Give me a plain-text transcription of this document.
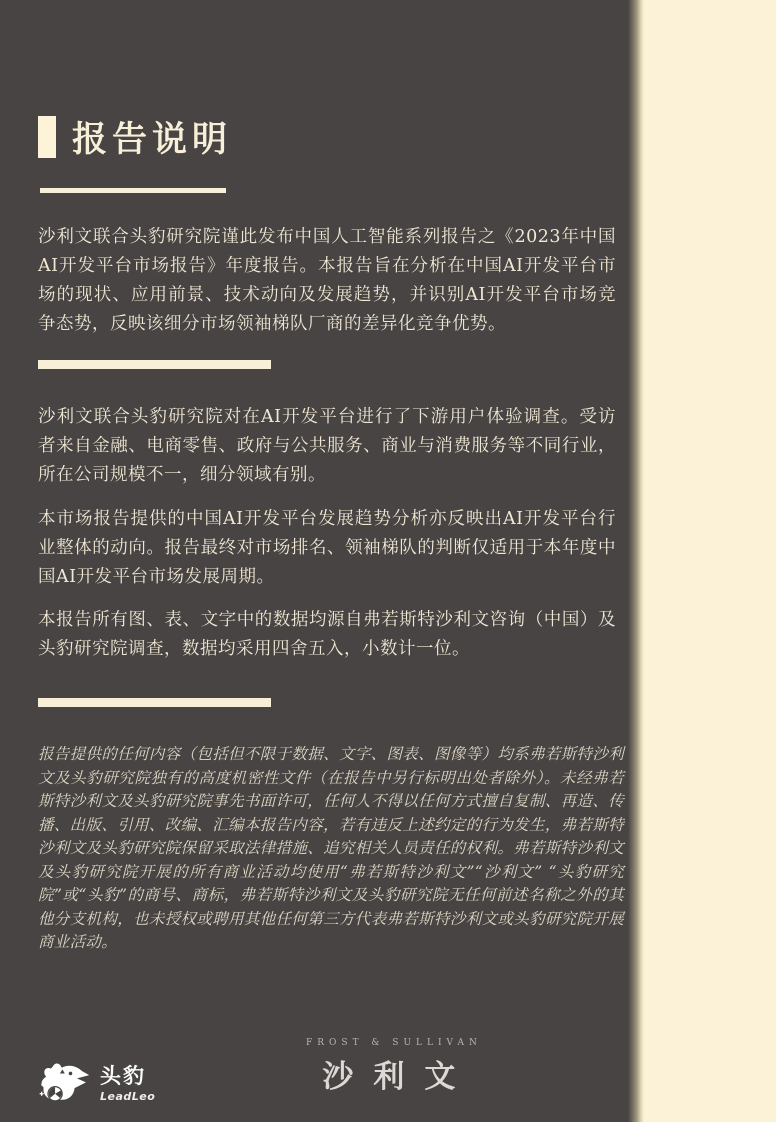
报告说明

沙利文联合头豹研究院谨此发布中国人工智能系列报告之《2023年中国AI开发平台市场报告》年度报告。本报告旨在分析在中国AI开发平台市场的现状、应用前景、技术动向及发展趋势，并识别AI开发平台市场竞争态势，反映该细分市场领袖梯队厂商的差异化竞争优势。

沙利文联合头豹研究院对在AI开发平台进行了下游用户体验调查。受访者来自金融、电商零售、政府与公共服务、商业与消费服务等不同行业，所在公司规模不一，细分领域有别。

本市场报告提供的中国AI开发平台发展趋势分析亦反映出AI开发平台行业整体的动向。报告最终对市场排名、领袖梯队的判断仅适用于本年度中国AI开发平台市场发展周期。

本报告所有图、表、文字中的数据均源自弗若斯特沙利文咨询（中国）及头豹研究院调查，数据均采用四舍五入，小数计一位。

报告提供的任何内容（包括但不限于数据、文字、图表、图像等）均系弗若斯特沙利文及头豹研究院独有的高度机密性文件（在报告中另行标明出处者除外）。未经弗若斯特沙利文及头豹研究院事先书面许可，任何人不得以任何方式擅自复制、再造、传播、出版、引用、改编、汇编本报告内容，若有违反上述约定的行为发生，弗若斯特沙利文及头豹研究院保留采取法律措施、追究相关人员责任的权利。弗若斯特沙利文及头豹研究院开展的所有商业活动均使用“弗若斯特沙利文”“沙利文” “头豹研究院”或“头豹”的商号、商标，弗若斯特沙利文及头豹研究院无任何前述名称之外的其他分支机构，也未授权或聘用其他任何第三方代表弗若斯特沙利文或头豹研究院开展商业活动。

头豹
LeadLeo
FROST & SULLIVAN
沙利文
